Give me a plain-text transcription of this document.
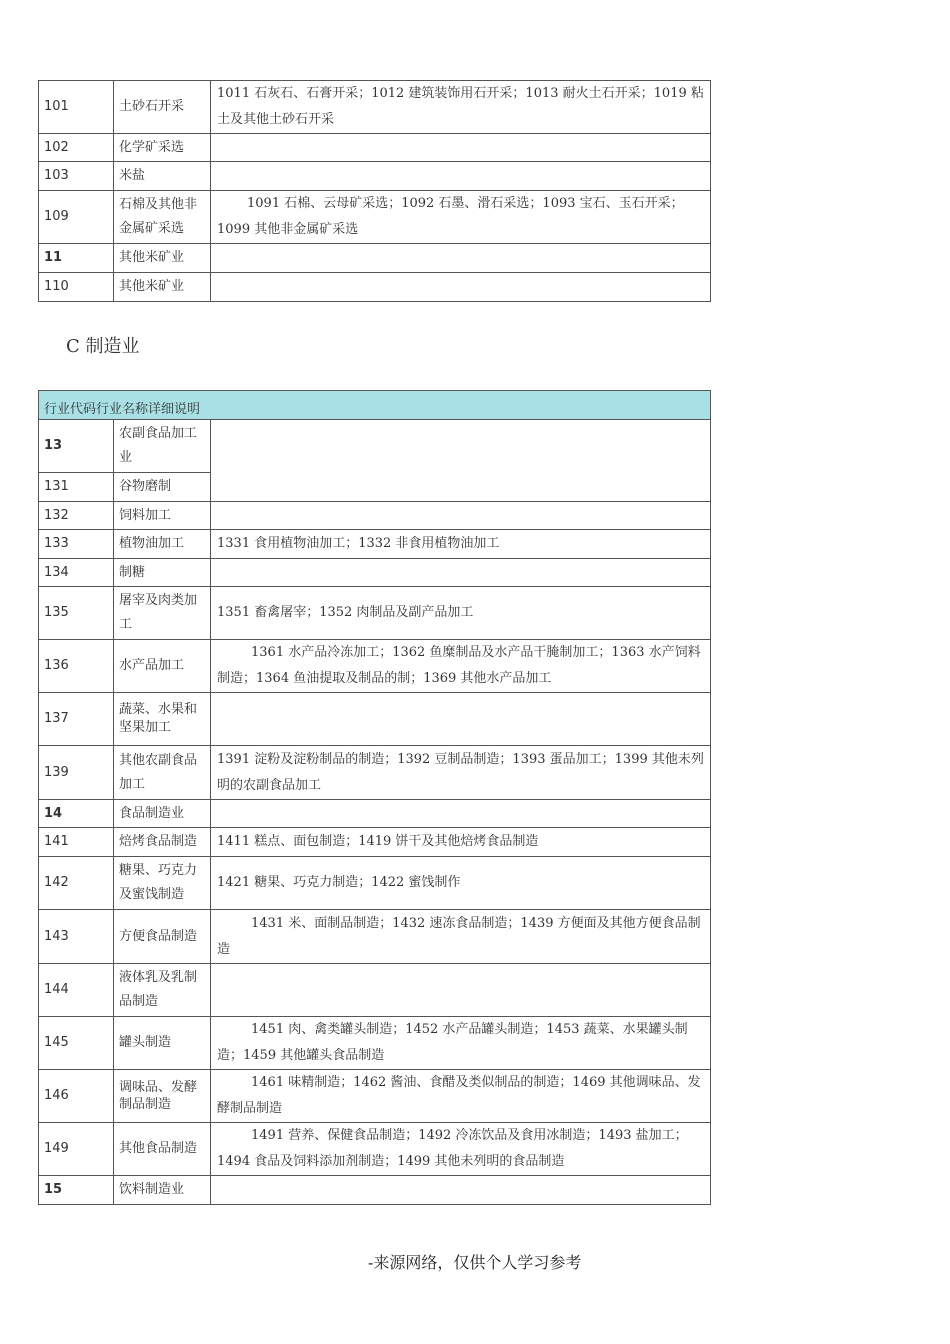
101	土砂石开采	1011 石灰石、石膏开采；1012 建筑装饰用石开采；1013 耐火土石开采；1019 粘土及其他土砂石开采
102	化学矿采选	
103	米盐	
109	石棉及其他非金属矿采选	1091 石棉、云母矿采选；1092 石墨、滑石采选；1093 宝石、玉石开采；1099 其他非金属矿采选
11	其他米矿业	
110	其他米矿业	
C 制造业
行业代码行业名称详细说明		
13	农副食品加工业	
131	谷物磨制	
132	饲料加工	
133	植物油加工	1331 食用植物油加工；1332 非食用植物油加工
134	制糖	
135	屠宰及肉类加工	1351 畜禽屠宰；1352 肉制品及副产品加工
136	水产品加工	1361 水产品冷冻加工；1362 鱼糜制品及水产品干腌制加工；1363 水产饲料制造；1364 鱼油提取及制品的制；1369 其他水产品加工
137	蔬菜、水果和坚果加工	
139	其他农副食品加工	1391 淀粉及淀粉制品的制造；1392 豆制品制造；1393 蛋品加工；1399 其他未列明的农副食品加工
14	食品制造业	
141	焙烤食品制造	1411 糕点、面包制造；1419 饼干及其他焙烤食品制造
142	糖果、巧克力及蜜饯制造	1421 糖果、巧克力制造；1422 蜜饯制作
143	方便食品制造	1431 米、面制品制造；1432 速冻食品制造；1439 方便面及其他方便食品制造
144	液体乳及乳制品制造	
145	罐头制造	1451 肉、禽类罐头制造；1452 水产品罐头制造；1453 蔬菜、水果罐头制造；1459 其他罐头食品制造
146	调味品、发酵制品制造	1461 味精制造；1462 酱油、食醋及类似制品的制造；1469 其他调味品、发酵制品制造
149	其他食品制造	1491 营养、保健食品制造；1492 冷冻饮品及食用冰制造；1493 盐加工；1494 食品及饲料添加剂制造；1499 其他未列明的食品制造
15	饮料制造业	
-来源网络，仅供个人学习参考
